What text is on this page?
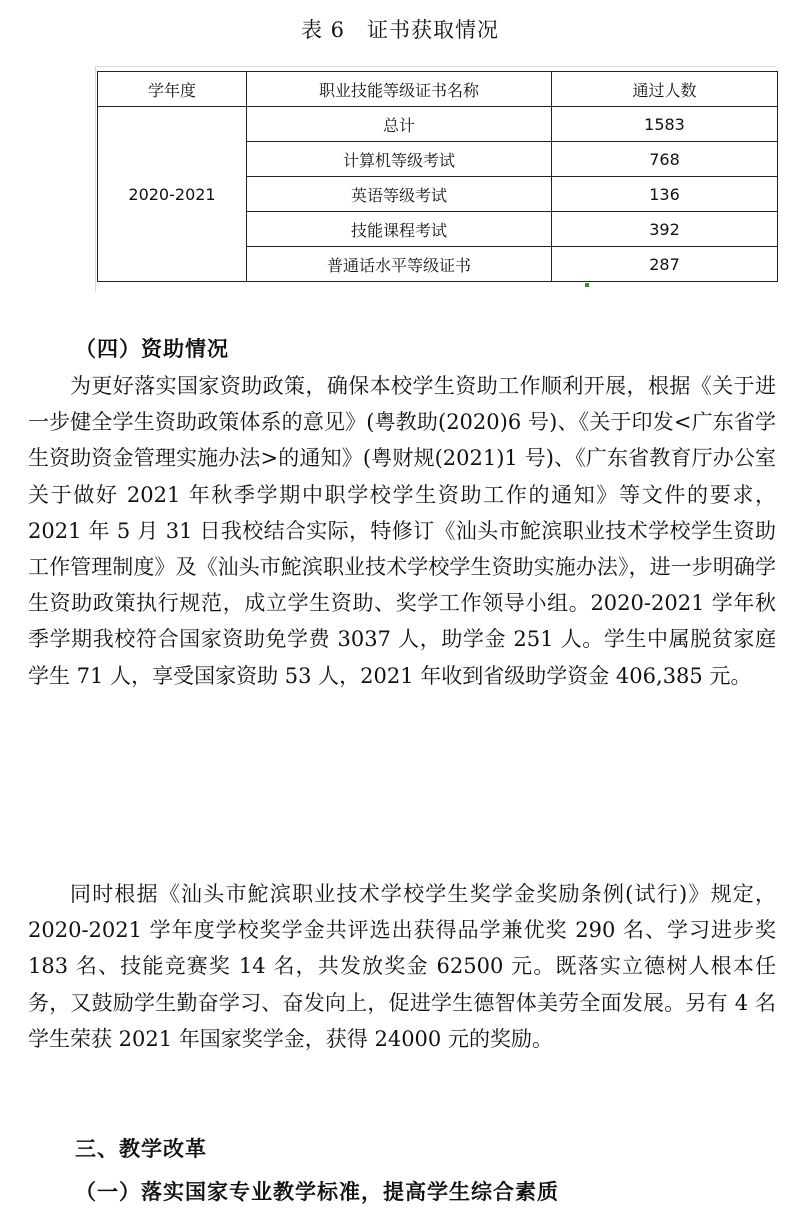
表 6 证书获取情况
学年度	职业技能等级证书名称	通过人数
2020-2021	总计	1583
	计算机等级考试	768
	英语等级考试	136
	技能课程考试	392
	普通话水平等级证书	287
（四）资助情况

为更好落实国家资助政策，确保本校学生资助工作顺利开展，根据《关于进一步健全学生资助政策体系的意见》(粤教助(2020)6 号)、《关于印发<广东省学生资助资金管理实施办法>的通知》(粤财规(2021)1 号)、《广东省教育厅办公室关于做好 2021 年秋季学期中职学校学生资助工作的通知》等文件的要求，2021 年 5 月 31 日我校结合实际，特修订《汕头市鮀滨职业技术学校学生资助工作管理制度》及《汕头市鮀滨职业技术学校学生资助实施办法》，进一步明确学生资助政策执行规范，成立学生资助、奖学工作领导小组。2020-2021 学年秋季学期我校符合国家资助免学费 3037 人，助学金 251 人。学生中属脱贫家庭学生 71 人，享受国家资助 53 人，2021 年收到省级助学资金 406,385 元。

同时根据《汕头市鮀滨职业技术学校学生奖学金奖励条例(试行)》规定，2020-2021 学年度学校奖学金共评选出获得品学兼优奖 290 名、学习进步奖 183 名、技能竞赛奖 14 名，共发放奖金 62500 元。既落实立德树人根本任务，又鼓励学生勤奋学习、奋发向上，促进学生德智体美劳全面发展。另有 4 名学生荣获 2021 年国家奖学金，获得 24000 元的奖励。

三、教学改革
（一）落实国家专业教学标准，提高学生综合素质
